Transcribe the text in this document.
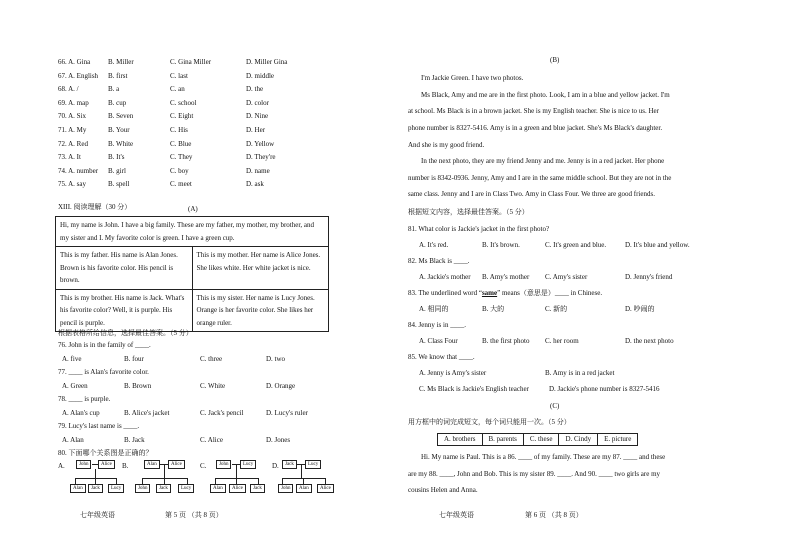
66. A. Gina	B. Miller	C. Gina Miller	D. Miller Gina
67. A. English B. first	C. last	D. middle
68. A. /	B. a	C. an	D. the
69. A. map	B. cup	C. school	D. color
70. A. Six	B. Seven	C. Eight	D. Nine
71. A. My	B. Your	C. His	D. Her
72. A. Red	B. White	C. Blue	D. Yellow
73. A. It	B. It's	C. They	D. They're
74. A. number B. girl	C. boy	D. name
75. A. say	B. spell	C. meet	D. ask
XIII. 阅读理解（30 分）	(A)
Hi, my name is John. I have a big family. These are my father, my mother, my brother, and my sister and I. My favorite color is green. I have a green cup.	
This is my father. His name is Alan Jones. Brown is his favorite color. His pencil is brown.	This is my mother. Her name is Alice Jones. She likes white. Her white jacket is nice.
This is my brother. His name is Jack. What's his favorite color? Well, it is purple. His pencil is purple.	This is my sister. Her name is Lucy Jones. Orange is her favorite color. She likes her orange ruler.
根据表格所给信息，选择最佳答案。（5 分）
76. John is in the family of ____.
A. five	B. four	C. three	D. two
77. ____ is Alan's favorite color.
A. Green	B. Brown	C. White	D. Orange
78. ____ is purple.
A. Alan's cup	B. Alice's jacket	C. Jack's pencil	D. Lucy's ruler
79. Lucy's last name is ____.
A. Alan	B. Jack	C. Alice	D. Jones
80. 下面哪个关系图是正确的？
A.	B.	C.	D.
John	Alice
Alan	Jack	Lucy
Alan	Alice
John	Jack	Lucy
John	Lucy
Alan	Alice	Jack
Jack	Lucy
John	Alan	Alice
七年级英语	第 5 页 （共 8 页）
(B)
I'm Jackie Green. I have two photos.
Ms Black, Amy and me are in the first photo. Look, I am in a blue and yellow jacket. I'm
at school. Ms Black is in a brown jacket. She is my English teacher. She is nice to us. Her
phone number is 8327-5416. Amy is in a green and blue jacket. She's Ms Black's daughter.
And she is my good friend.
In the next photo, they are my friend Jenny and me. Jenny is in a red jacket. Her phone
number is 8342-0936. Jenny, Amy and I are in the same middle school. But they are not in the
same class. Jenny and I are in Class Two. Amy in Class Four. We three are good friends.
根据短文内容，选择最佳答案。（5 分）
81. What color is Jackie's jacket in the first photo?
A. It's red.	B. It's brown.	C. It's green and blue.	D. It's blue and yellow.
82. Ms Black is ____.
A. Jackie's mother	B. Amy's mother	C. Amy's sister	D. Jenny's friend
83. The underlined word “same” means（意思是）____ in Chinese.
A. 相同的	B. 大的	C. 新的	D. 吵闹的
84. Jenny is in ____.
A. Class Four	B. the first photo	C. her room	D. the next photo
85. We know that ____.
A. Jenny is Amy's sister	B. Amy is in a red jacket
C. Ms Black is Jackie's English teacher	D. Jackie's phone number is 8327-5416
(C)
用方框中的词完成短文，每个词只能用一次。（5 分）
A. brothers	B. parents	C. these	D. Cindy	E. picture
Hi. My name is Paul. This is a 86. ____ of my family. These are my 87. ____ and these
are my 88. ____, John and Bob. This is my sister 89. ____. And 90. ____ two girls are my
cousins Helen and Anna.
七年级英语	第 6 页 （共 8 页）
